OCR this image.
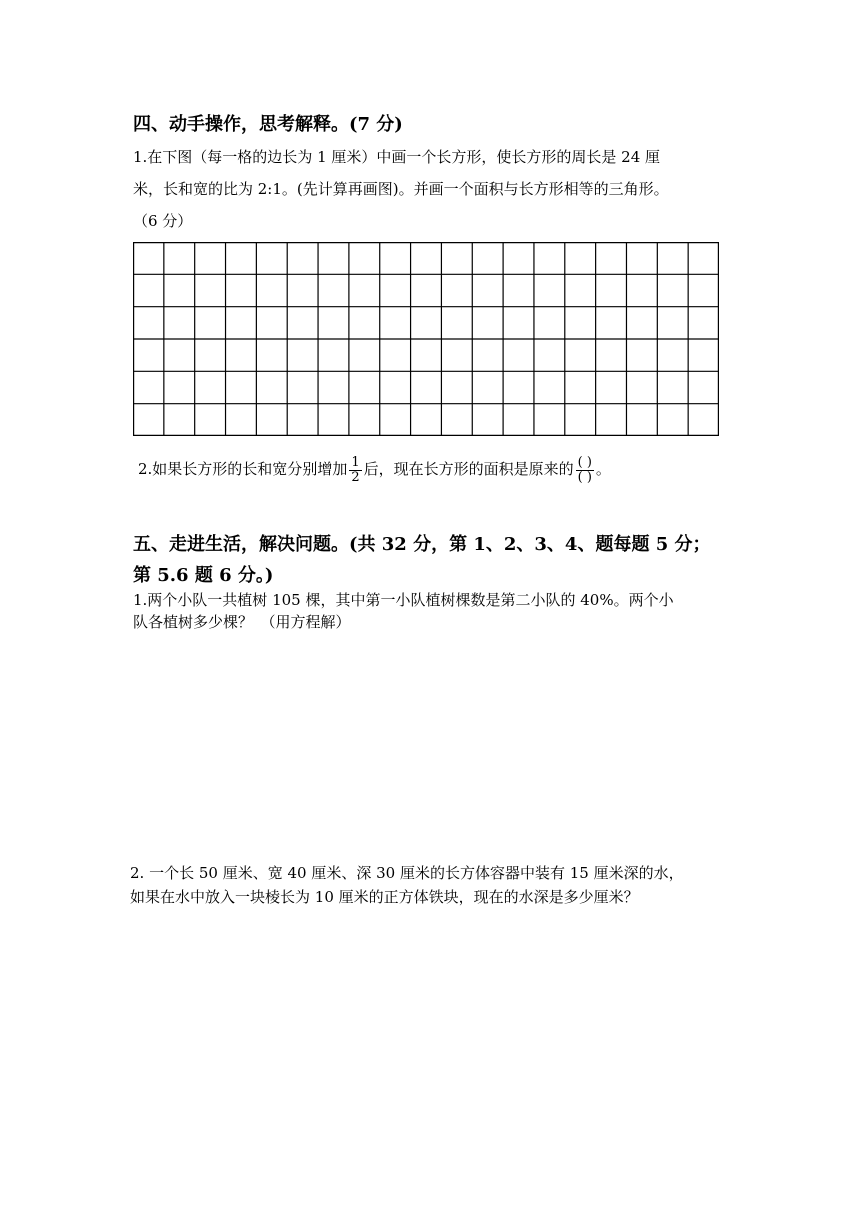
四、动手操作，思考解释。(7 分)
1.在下图（每一格的边长为 1 厘米）中画一个长方形，使长方形的周长是 24 厘
米，长和宽的比为 2:1。(先计算再画图)。并画一个面积与长方形相等的三角形。
（6 分）
2.如果长方形的长和宽分别增加 $\frac{1}{2}$ 后，现在长方形的面积是原来的 $\frac{( )}{( )}$ 。
五、走进生活，解决问题。(共 32 分，第 1、2、3、4、题每题 5 分；
第 5.6 题 6 分。)
1.两个小队一共植树 105 棵，其中第一小队植树棵数是第二小队的 40%。两个小
队各植树多少棵？　（用方程解）
2. 一个长 50 厘米、宽 40 厘米、深 30 厘米的长方体容器中装有 15 厘米深的水，
如果在水中放入一块棱长为 10 厘米的正方体铁块，现在的水深是多少厘米？
